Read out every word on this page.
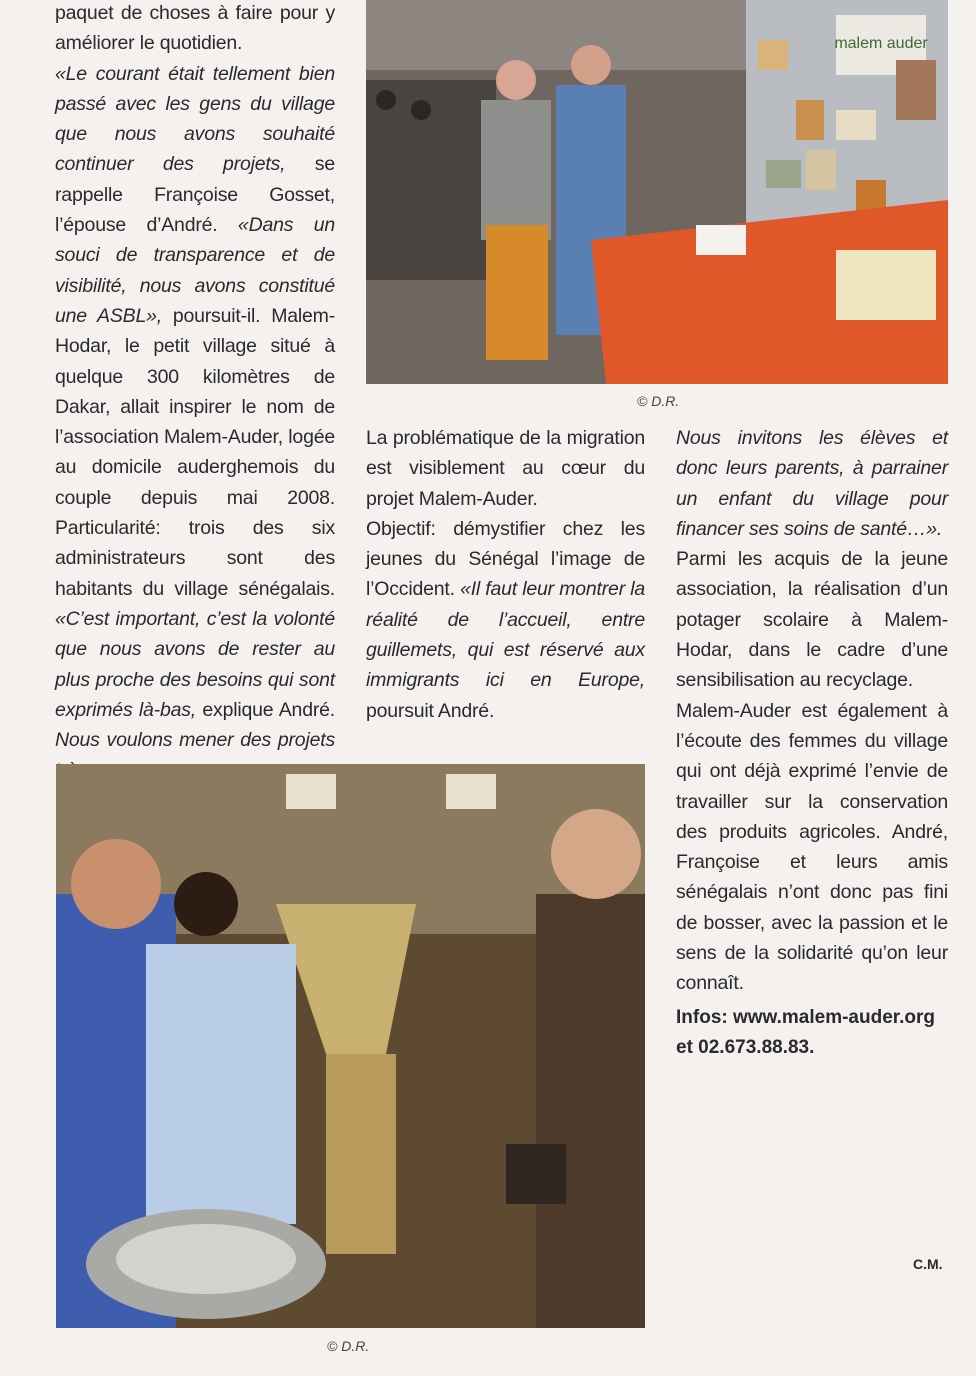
paquet de choses à faire pour y améliorer le quotidien.
«Le courant était tellement bien passé avec les gens du village que nous avons souhaité continuer des projets, se rappelle Françoise Gosset, l’épouse d’André. «Dans un souci de transparence et de visibilité, nous avons constitué une ASBL», poursuit-il. Malem-Hodar, le petit village situé à quelque 300 kilomètres de Dakar, allait inspirer le nom de l’association Malem-Auder, logée au domicile auderghemois du couple depuis mai 2008. Particularité: trois des six administrateurs sont des habitants du village sénégalais. «C’est important, c’est la volonté que nous avons de rester au plus proche des besoins qui sont exprimés là-bas, explique André. Nous voulons mener des projets

malem auder
© D.R.

La problématique de la migration est visiblement au cœur du projet Malem-Auder.
Objectif: démystifier chez les jeunes du Sénégal l’image de l’Occident. «Il faut leur montrer la réalité de l’accueil, entre guillemets, qui est réservé aux immigrants ici en Europe, poursuit André.

Nous invitons les élèves et donc leurs parents, à parrainer un enfant du village pour financer ses soins de santé…».
Parmi les acquis de la jeune association, la réalisation d’un potager scolaire à Malem-Hodar, dans le cadre d’une sensibilisation au recyclage.
Malem-Auder est également à l’écoute des femmes du village qui ont déjà exprimé l’envie de travailler sur la conservation des produits agricoles. André, Françoise et leurs amis sénégalais n’ont donc pas fini de bosser, avec la passion et le sens de la solidarité qu’on leur connaît.

Infos: www.malem-auder.org et 02.673.88.83.
© D.R.
C.M.
